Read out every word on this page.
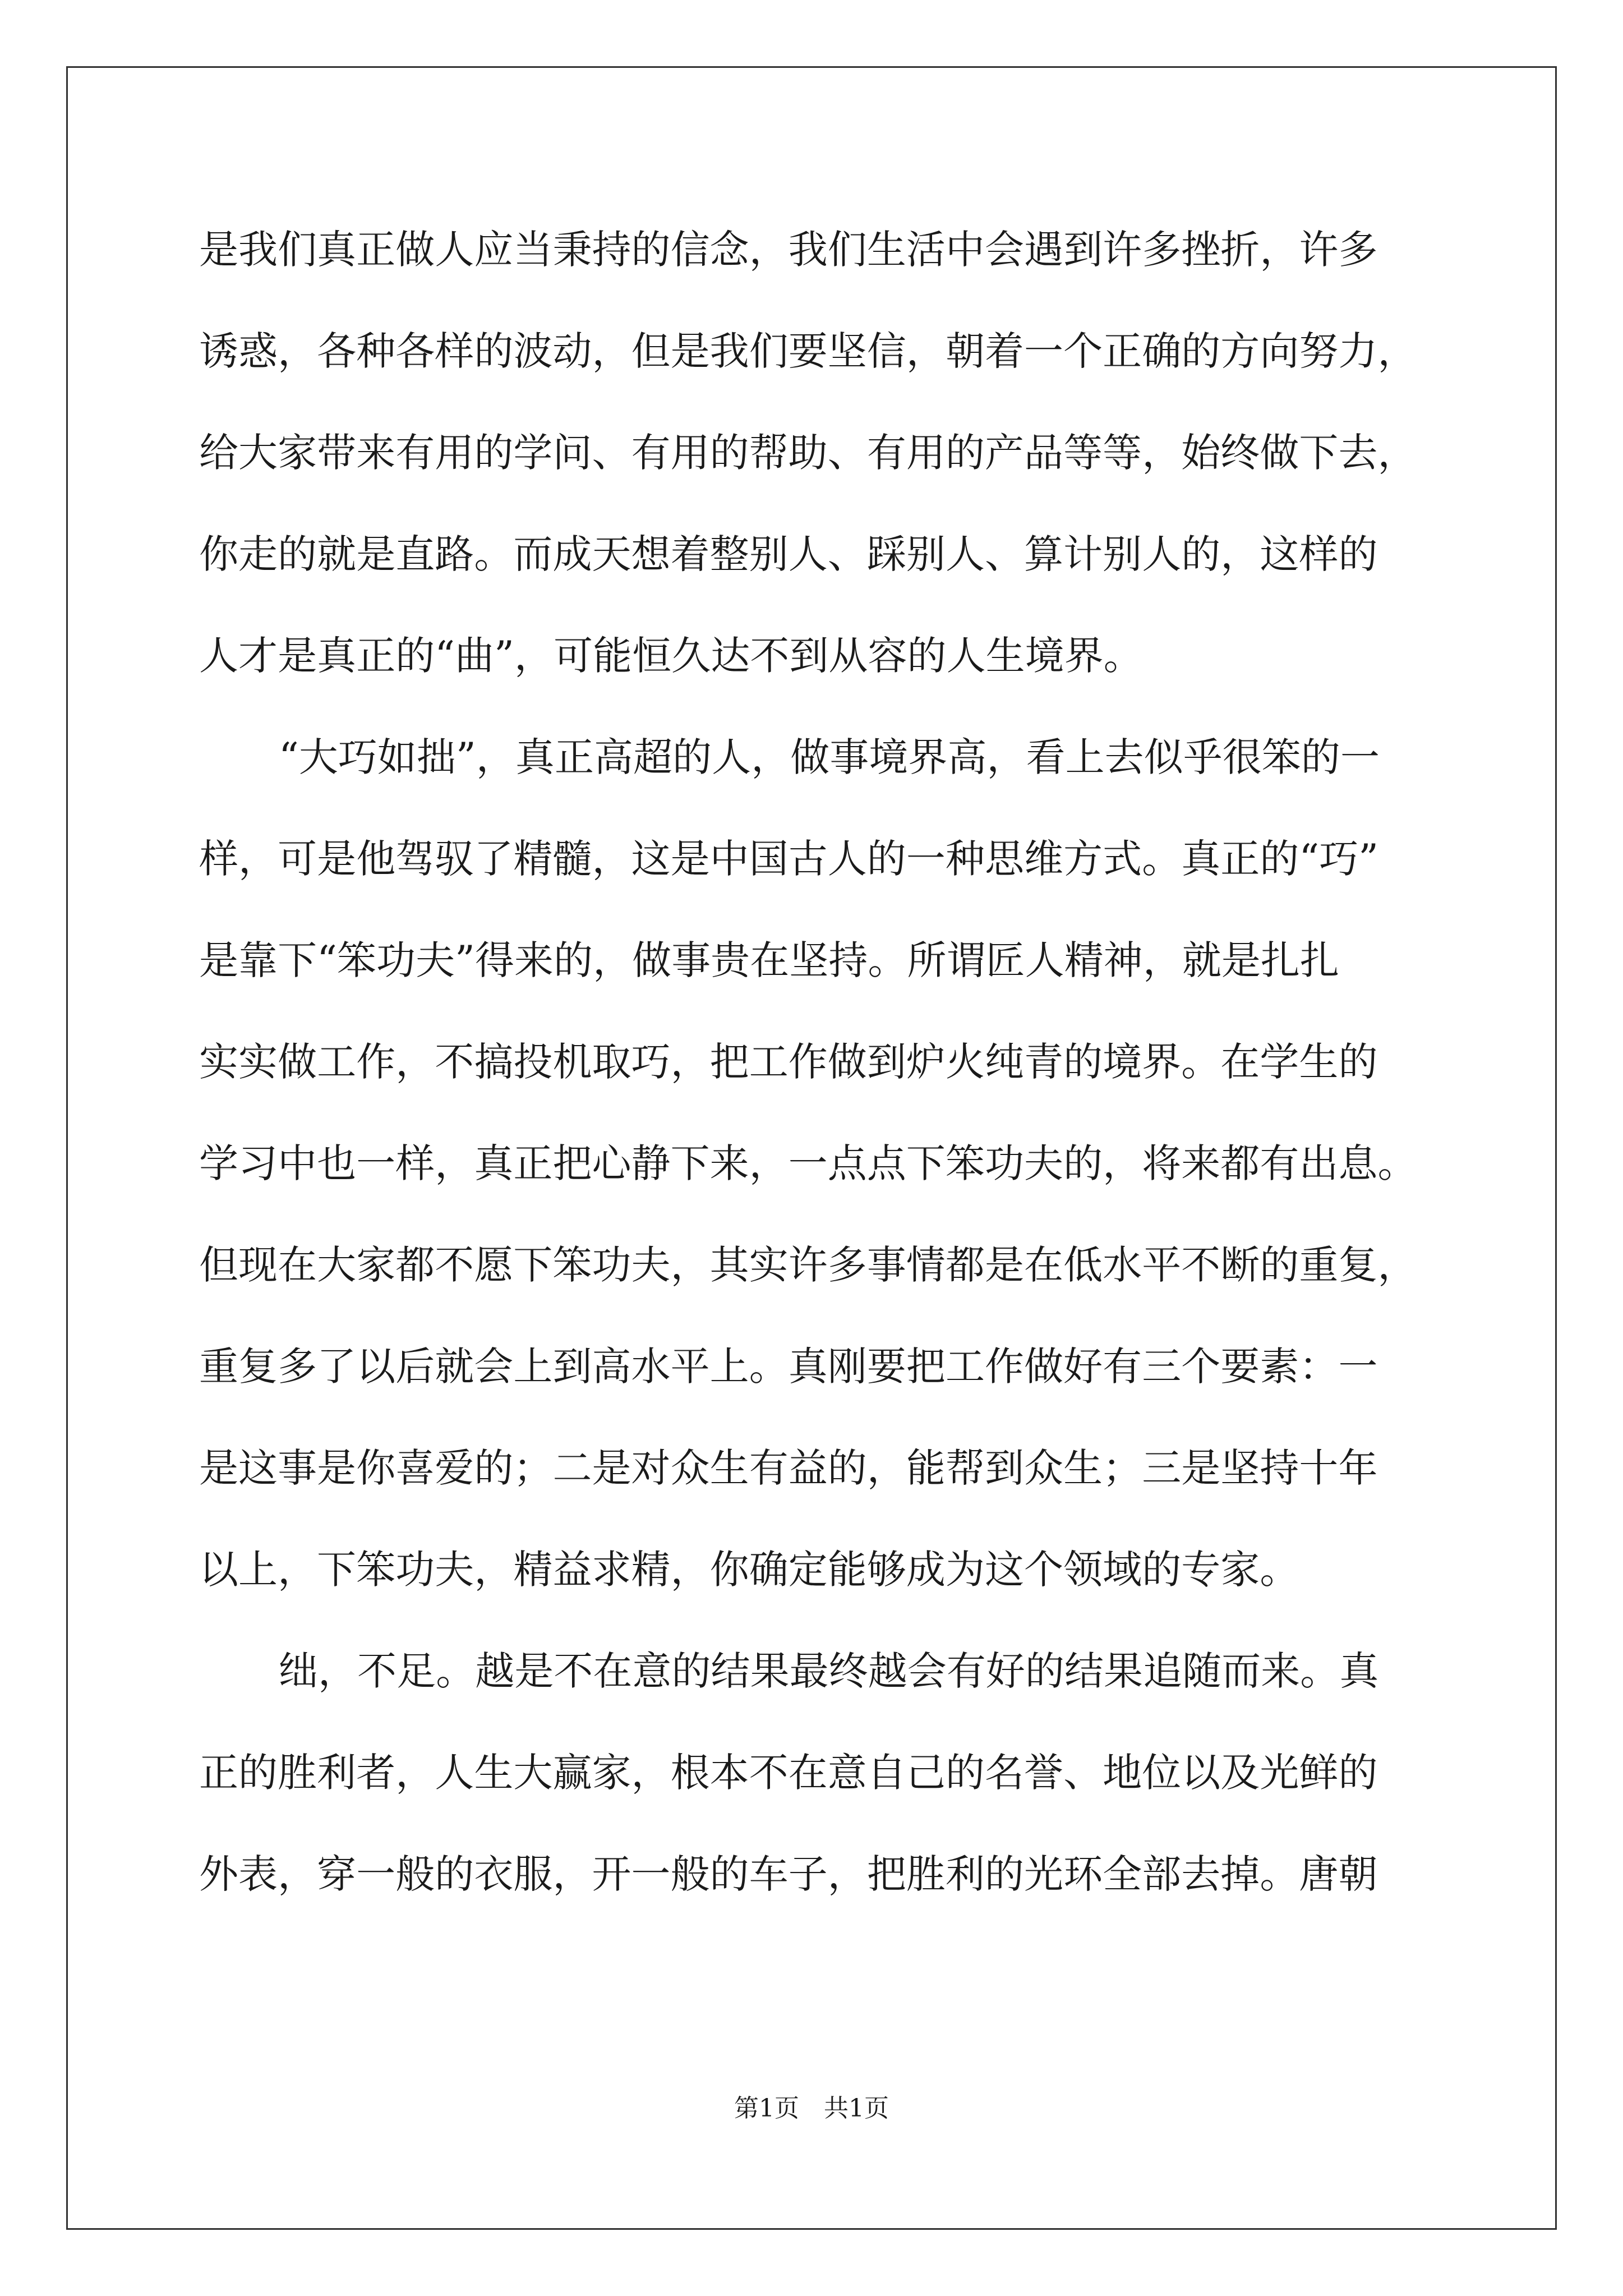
是我们真正做人应当秉持的信念，我们生活中会遇到许多挫折，许多
诱惑，各种各样的波动，但是我们要坚信，朝着一个正确的方向努力，
给大家带来有用的学问、有用的帮助、有用的产品等等，始终做下去，
你走的就是直路。而成天想着整别人、踩别人、算计别人的，这样的
人才是真正的“曲”，可能恒久达不到从容的人生境界。
“大巧如拙”，真正高超的人，做事境界高，看上去似乎很笨的一
样，可是他驾驭了精髓，这是中国古人的一种思维方式。真正的“巧”
是靠下“笨功夫”得来的，做事贵在坚持。所谓匠人精神，就是扎扎
实实做工作，不搞投机取巧，把工作做到炉火纯青的境界。在学生的
学习中也一样，真正把心静下来，一点点下笨功夫的，将来都有出息。
但现在大家都不愿下笨功夫，其实许多事情都是在低水平不断的重复，
重复多了以后就会上到高水平上。真刚要把工作做好有三个要素：一
是这事是你喜爱的；二是对众生有益的，能帮到众生；三是坚持十年
以上，下笨功夫，精益求精，你确定能够成为这个领域的专家。
绌，不足。越是不在意的结果最终越会有好的结果追随而来。真
正的胜利者，人生大赢家，根本不在意自己的名誉、地位以及光鲜的
外表，穿一般的衣服，开一般的车子，把胜利的光环全部去掉。唐朝
第1页 共1页
